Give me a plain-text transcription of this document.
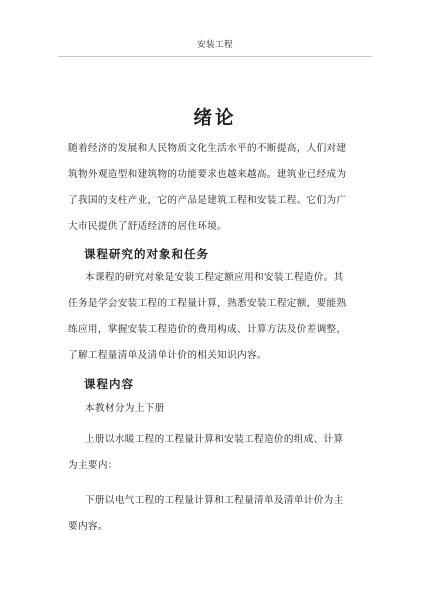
安装工程
绪论
随着经济的发展和人民物质文化生活水平的不断提高，人们对建
筑物外观造型和建筑物的功能要求也越来越高。建筑业已经成为
了我国的支柱产业，它的产品是建筑工程和安装工程。它们为广
大市民提供了舒适经济的居住环境。
课程研究的对象和任务
本课程的研究对象是安装工程定额应用和安装工程造价。其
任务是学会安装工程的工程量计算，熟悉安装工程定额，要能熟
练应用，掌握安装工程造价的费用构成、计算方法及价差调整，
了解工程量清单及清单计价的相关知识内容。
课程内容
本教材分为上下册
上册以水暖工程的工程量计算和安装工程造价的组成、计算
为主要内：
下册以电气工程的工程量计算和工程量清单及清单计价为主
要内容。
